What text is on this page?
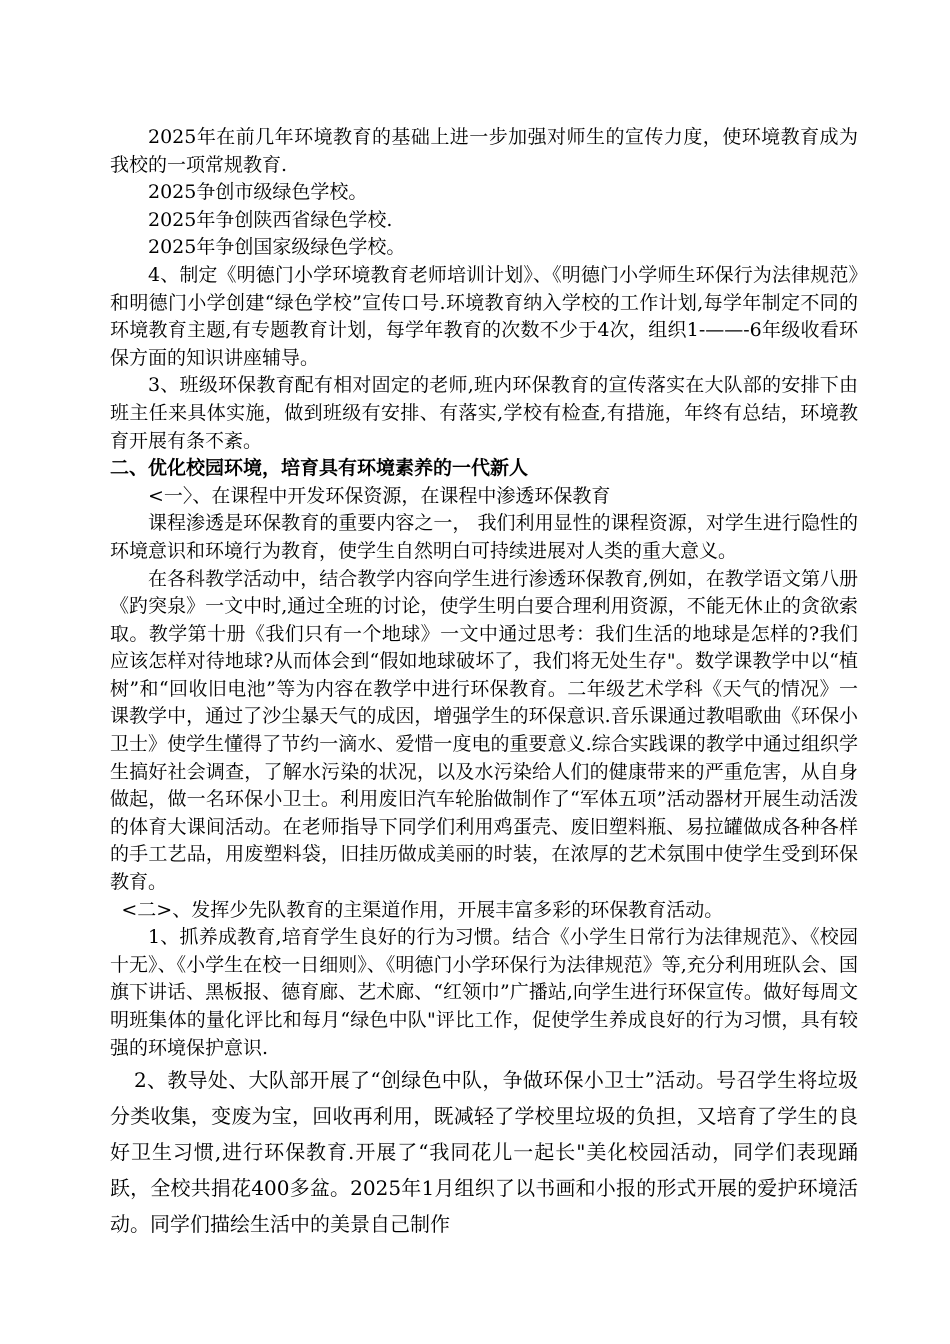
2025年在前几年环境教育的基础上进一步加强对师生的宣传力度，使环境教育成为我校的一项常规教育.

2025争创市级绿色学校。

2025年争创陕西省绿色学校.

2025年争创国家级绿色学校。

4、制定《明德门小学环境教育老师培训计划》、《明德门小学师生环保行为法律规范》和明德门小学创建“绿色学校”宣传口号.环境教育纳入学校的工作计划,每学年制定不同的环境教育主题,有专题教育计划，每学年教育的次数不少于4次，组织1-——-6年级收看环保方面的知识讲座辅导。

3、班级环保教育配有相对固定的老师,班内环保教育的宣传落实在大队部的安排下由班主任来具体实施，做到班级有安排、有落实,学校有检查,有措施，年终有总结，环境教育开展有条不紊。

二、优化校园环境，培育具有环境素养的一代新人

<一〉、在课程中开发环保资源，在课程中渗透环保教育

课程渗透是环保教育的重要内容之一， 我们利用显性的课程资源，对学生进行隐性的环境意识和环境行为教育，使学生自然明白可持续进展对人类的重大意义。

在各科教学活动中，结合教学内容向学生进行渗透环保教育,例如，在教学语文第八册《趵突泉》一文中时,通过全班的讨论，使学生明白要合理利用资源，不能无休止的贪欲索取。教学第十册《我们只有一个地球》一文中通过思考：我们生活的地球是怎样的?我们应该怎样对待地球?从而体会到“假如地球破坏了，我们将无处生存"。数学课教学中以“植树”和“回收旧电池”等为内容在教学中进行环保教育。二年级艺术学科《天气的情况》一课教学中，通过了沙尘暴天气的成因，增强学生的环保意识.音乐课通过教唱歌曲《环保小卫士》使学生懂得了节约一滴水、爱惜一度电的重要意义.综合实践课的教学中通过组织学生搞好社会调查，了解水污染的状况，以及水污染给人们的健康带来的严重危害，从自身做起，做一名环保小卫士。利用废旧汽车轮胎做制作了“军体五项”活动器材开展生动活泼的体育大课间活动。在老师指导下同学们利用鸡蛋壳、废旧塑料瓶、易拉罐做成各种各样的手工艺品，用废塑料袋，旧挂历做成美丽的时装，在浓厚的艺术氛围中使学生受到环保教育。

<二>、发挥少先队教育的主渠道作用，开展丰富多彩的环保教育活动。

1、抓养成教育,培育学生良好的行为习惯。结合《小学生日常行为法律规范》、《校园十无》、《小学生在校一日细则》、《明德门小学环保行为法律规范》等,充分利用班队会、国旗下讲话、黑板报、德育廊、艺术廊、“红领巾”广播站,向学生进行环保宣传。做好每周文明班集体的量化评比和每月“绿色中队"评比工作，促使学生养成良好的行为习惯，具有较强的环境保护意识.

2、教导处、大队部开展了“创绿色中队，争做环保小卫士”活动。号召学生将垃圾分类收集，变废为宝，回收再利用，既减轻了学校里垃圾的负担，又培育了学生的良好卫生习惯,进行环保教育.开展了“我同花儿一起长"美化校园活动，同学们表现踊跃，全校共捐花400多盆。2025年1月组织了以书画和小报的形式开展的爱护环境活动。同学们描绘生活中的美景自己制作
